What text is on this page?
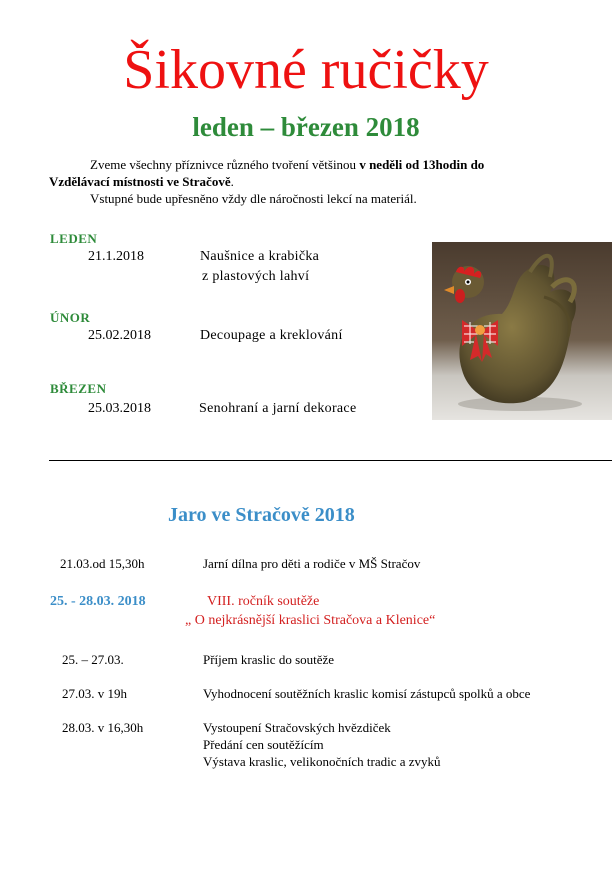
Šikovné ručičky
leden – březen 2018
Zveme všechny příznivce různého tvoření většinou v neděli od 13hodin do
Vzdělávací místnosti ve Stračově.
Vstupné bude upřesněno vždy dle náročnosti lekcí na materiál.
LEDEN
21.1.2018	Naušnice a krabička
z plastových lahví
ÚNOR
25.02.2018	Decoupage a kreklování
BŘEZEN
25.03.2018	Senohraní a jarní dekorace
Jaro ve Stračově 2018
21.03.od 15,30h	Jarní dílna pro děti a rodiče v MŠ Stračov
25. - 28.03. 2018	VIII. ročník soutěže
„ O nejkrásnější kraslici Stračova a Klenice“
25. – 27.03.	Příjem kraslic do soutěže
27.03. v 19h	Vyhodnocení soutěžních kraslic komisí zástupců spolků a obce
28.03. v 16,30h	Vystoupení Stračovských hvězdiček
Předání cen soutěžícím
Výstava kraslic, velikonočních tradic a zvyků
